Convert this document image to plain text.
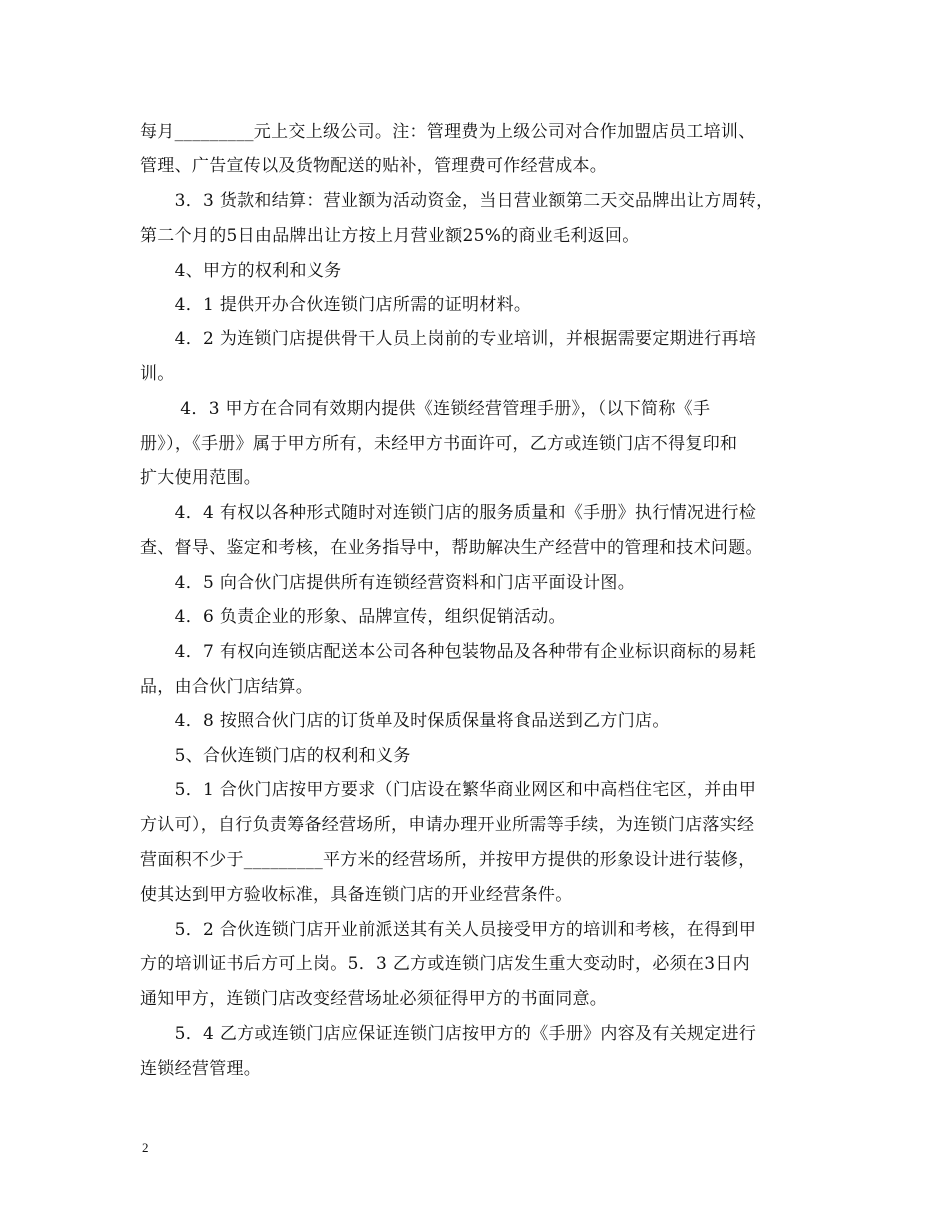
每月_________元上交上级公司。注：管理费为上级公司对合作加盟店员工培训、
管理、广告宣传以及货物配送的贴补，管理费可作经营成本。
　　3．3 货款和结算：营业额为活动资金，当日营业额第二天交品牌出让方周转，
第二个月的5日由品牌出让方按上月营业额25%的商业毛利返回。
　　4、甲方的权利和义务
　　4．1 提供开办合伙连锁门店所需的证明材料。
　　4．2 为连锁门店提供骨干人员上岗前的专业培训，并根据需要定期进行再培
训。
　　 4．3 甲方在合同有效期内提供《连锁经营管理手册》，（以下简称《手
册》），《手册》属于甲方所有，未经甲方书面许可，乙方或连锁门店不得复印和
扩大使用范围。
　　4．4 有权以各种形式随时对连锁门店的服务质量和《手册》执行情况进行检
查、督导、鉴定和考核，在业务指导中，帮助解决生产经营中的管理和技术问题。
　　4．5 向合伙门店提供所有连锁经营资料和门店平面设计图。
　　4．6 负责企业的形象、品牌宣传，组织促销活动。
　　4．7 有权向连锁店配送本公司各种包装物品及各种带有企业标识商标的易耗
品，由合伙门店结算。
　　4．8 按照合伙门店的订货单及时保质保量将食品送到乙方门店。
　　5、合伙连锁门店的权利和义务
　　5．1 合伙门店按甲方要求（门店设在繁华商业网区和中高档住宅区，并由甲
方认可），自行负责筹备经营场所，申请办理开业所需等手续，为连锁门店落实经
营面积不少于_________平方米的经营场所，并按甲方提供的形象设计进行装修，
使其达到甲方验收标准，具备连锁门店的开业经营条件。
　　5．2 合伙连锁门店开业前派送其有关人员接受甲方的培训和考核，在得到甲
方的培训证书后方可上岗。5．3 乙方或连锁门店发生重大变动时，必须在3日内
通知甲方，连锁门店改变经营场址必须征得甲方的书面同意。
　　5．4 乙方或连锁门店应保证连锁门店按甲方的《手册》内容及有关规定进行
连锁经营管理。
2
